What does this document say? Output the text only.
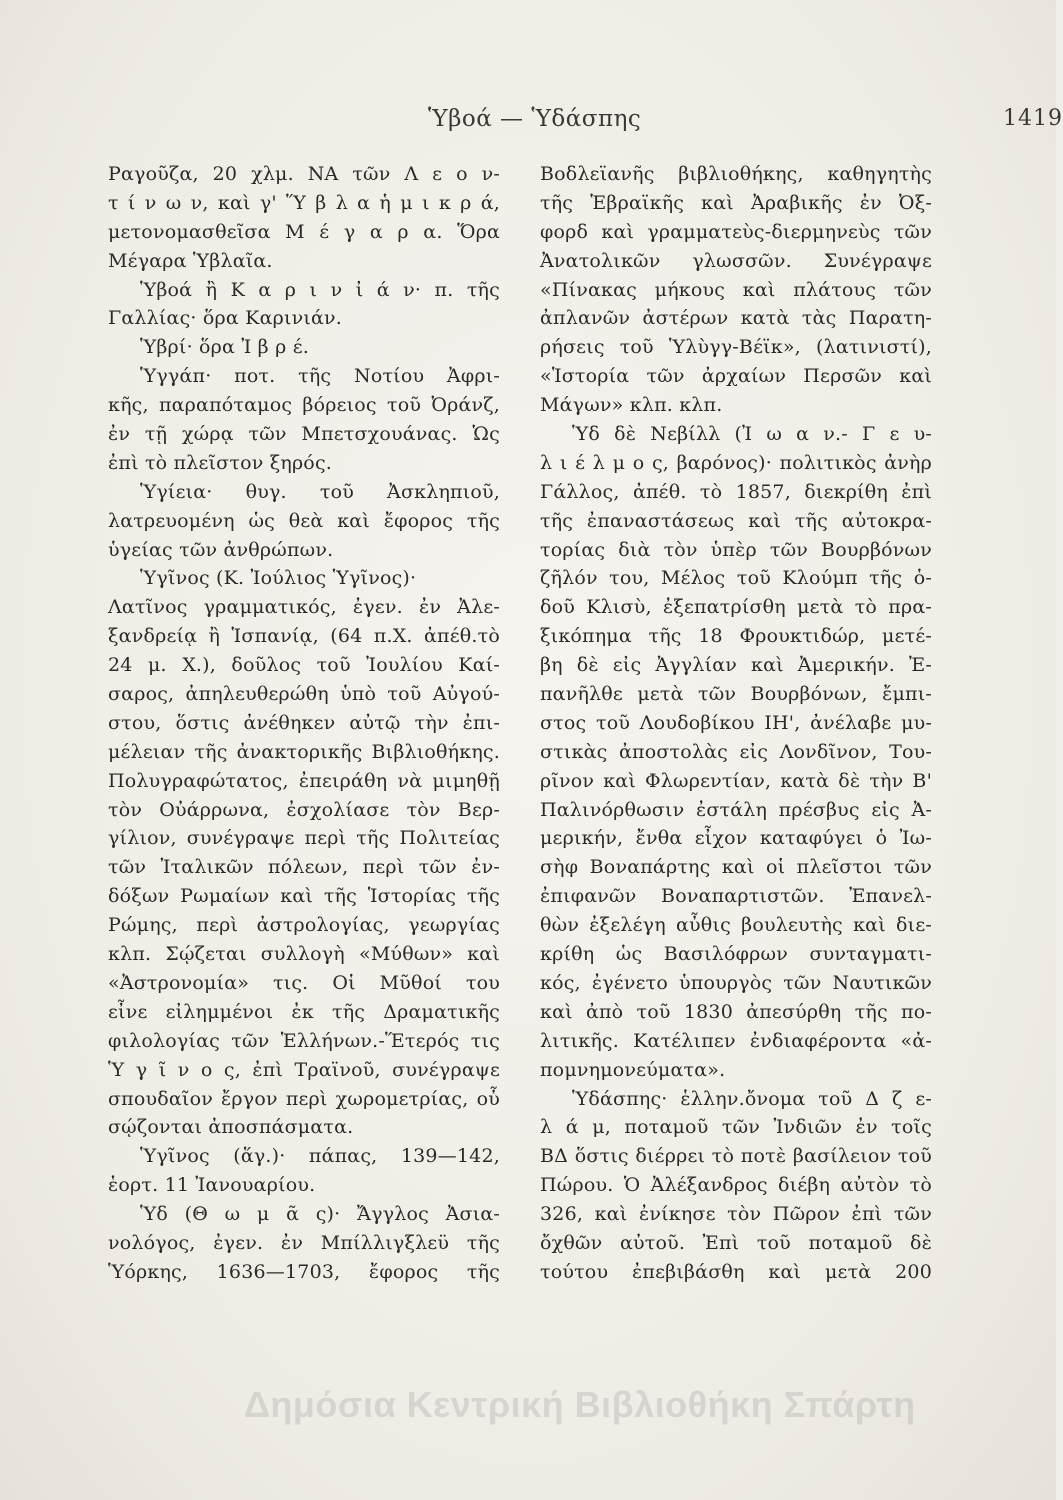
Ὑβοά — Ὑδάσπης	1419
Ραγοῦζα, 20 χλμ. ΝΑ τῶν Λ ε ο ν-
τ ί ν ω ν, καὶ γ' Ὕ β λ α ἡ μ ι κ ρ ά,
μετονομασθεῖσα Μ έ γ α ρ α. Ὅρα
Μέγαρα Ὑβλαῖα.
Ὑβοά ἢ Κ α ρ ι ν ἰ ά ν· π. τῆς
Γαλλίας· ὅρα Καρινιάν.
Ὑβρί· ὅρα Ἰ β ρ έ.
Ὑγγάπ· ποτ. τῆς Νοτίου Ἀφρι-
κῆς, παραπόταμος βόρειος τοῦ Ὀράνζ,
ἐν τῇ χώρᾳ τῶν Μπετσχουάνας. Ὡς
ἐπὶ τὸ πλεῖστον ξηρός.
Ὑγίεια· θυγ. τοῦ Ἀσκληπιοῦ,
λατρευομένη ὡς θεὰ καὶ ἔφορος τῆς
ὑγείας τῶν ἀνθρώπων.
Ὑγῖνος (Κ. Ἰούλιος Ὑγῖνος)·
Λατῖνος γραμματικός, ἐγεν. ἐν Ἀλε-
ξανδρείᾳ ἢ Ἱσπανίᾳ, (64 π.Χ. ἀπέθ.τὸ
24 μ. Χ.), δοῦλος τοῦ Ἰουλίου Καί-
σαρος, ἀπηλευθερώθη ὑπὸ τοῦ Αὐγού-
στου, ὅστις ἀνέθηκεν αὐτῷ τὴν ἐπι-
μέλειαν τῆς ἀνακτορικῆς Βιβλιοθήκης.
Πολυγραφώτατος, ἐπειράθη νὰ μιμηθῇ
τὸν Οὐάρρωνα, ἐσχολίασε τὸν Βερ-
γίλιον, συνέγραψε περὶ τῆς Πολιτείας
τῶν Ἰταλικῶν πόλεων, περὶ τῶν ἐν-
δόξων Ρωμαίων καὶ τῆς Ἱστορίας τῆς
Ρώμης, περὶ ἀστρολογίας, γεωργίας
κλπ. Σῴζεται συλλογὴ «Μύθων» καὶ
«Ἀστρονομία» τις. Οἱ Μῦθοί του
εἶνε εἰλημμένοι ἐκ τῆς Δραματικῆς
φιλολογίας τῶν Ἑλλήνων.-Ἕτερός τις
Ὑ γ ῖ ν ο ς, ἐπὶ Τραϊνοῦ, συνέγραψε
σπουδαῖον ἔργον περὶ χωρομετρίας, οὗ
σῴζονται ἀποσπάσματα.
Ὑγῖνος (ἅγ.)· πάπας, 139—142,
ἑορτ. 11 Ἰανουαρίου.
Ὑδ (Θ ω μ ᾶ ς)· Ἄγγλος Ἀσια-
νολόγος, ἐγεν. ἐν Μπίλλιγξλεϋ τῆς
Ὑόρκης, 1636—1703, ἔφορος τῆς
Βοδλεϊανῆς βιβλιοθήκης, καθηγητὴς
τῆς Ἑβραϊκῆς καὶ Ἀραβικῆς ἐν Ὀξ-
φορδ καὶ γραμματεὺς-διερμηνεὺς τῶν
Ἀνατολικῶν γλωσσῶν. Συνέγραψε
«Πίνακας μήκους καὶ πλάτους τῶν
ἀπλανῶν ἀστέρων κατὰ τὰς Παρατη-
ρήσεις τοῦ Ὑλὺγγ-Βέϊκ», (λατινιστί),
«Ἱστορία τῶν ἀρχαίων Περσῶν καὶ
Μάγων» κλπ. κλπ.
Ὑδ δὲ Νεβίλλ (Ἰ ω α ν.- Γ ε υ-
λ ι έ λ μ ο ς, βαρόνος)· πολιτικὸς ἀνὴρ
Γάλλος, ἀπέθ. τὸ 1857, διεκρίθη ἐπὶ
τῆς ἐπαναστάσεως καὶ τῆς αὐτοκρα-
τορίας διὰ τὸν ὑπὲρ τῶν Βουρβόνων
ζῆλόν του, Μέλος τοῦ Κλούμπ τῆς ὁ-
δοῦ Κλισὺ, ἐξεπατρίσθη μετὰ τὸ πρα-
ξικόπημα τῆς 18 Φρουκτιδώρ, μετέ-
βη δὲ εἰς Ἀγγλίαν καὶ Ἀμερικήν. Ἐ-
πανῆλθε μετὰ τῶν Βουρβόνων, ἔμπι-
στος τοῦ Λουδοβίκου ΙΗ', ἀνέλαβε μυ-
στικὰς ἀποστολὰς εἰς Λονδῖνον, Του-
ρῖνον καὶ Φλωρεντίαν, κατὰ δὲ τὴν Β'
Παλινόρθωσιν ἐστάλη πρέσβυς εἰς Ἀ-
μερικήν, ἔνθα εἶχον καταφύγει ὁ Ἰω-
σὴφ Βοναπάρτης καὶ οἱ πλεῖστοι τῶν
ἐπιφανῶν Βοναπαρτιστῶν. Ἐπανελ-
θὼν ἐξελέγη αὖθις βουλευτὴς καὶ διε-
κρίθη ὡς Βασιλόφρων συνταγματι-
κός, ἐγένετο ὑπουργὸς τῶν Ναυτικῶν
καὶ ἀπὸ τοῦ 1830 ἀπεσύρθη τῆς πο-
λιτικῆς. Κατέλιπεν ἐνδιαφέροντα «ἀ-
πομνημονεύματα».
Ὑδάσπης· ἑλλην.ὄνομα τοῦ Δ ζ ε-
λ ά μ, ποταμοῦ τῶν Ἰνδιῶν ἐν τοῖς
ΒΔ ὅστις διέρρει τὸ ποτὲ βασίλειον τοῦ
Πώρου. Ὁ Ἀλέξανδρος διέβη αὐτὸν τὸ
326, καὶ ἐνίκησε τὸν Πῶρον ἐπὶ τῶν
ὄχθῶν αὐτοῦ. Ἐπὶ τοῦ ποταμοῦ δὲ
τούτου ἐπεβιβάσθη καὶ μετὰ 200
Δημόσια Κεντρική Βιβλιοθήκη Σπάρτη
